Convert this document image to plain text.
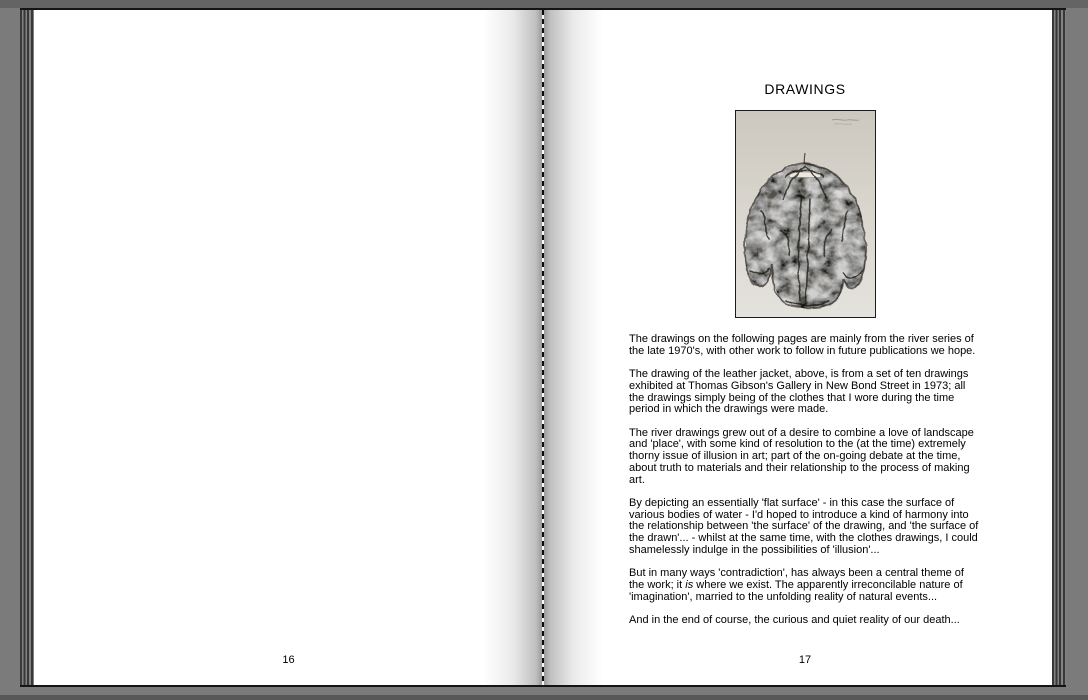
DRAWINGS

The drawings on the following pages are mainly from the river series of the late 1970's, with other work to follow in future publications we hope.

The drawing of the leather jacket, above, is from a set of ten drawings exhibited at Thomas Gibson's Gallery in New Bond Street in 1973; all the drawings simply being of the clothes that I wore during the time period in which the drawings were made.

The river drawings grew out of a desire to combine a love of landscape and 'place', with some kind of resolution to the (at the time) extremely thorny issue of illusion in art; part of the on-going debate at the time, about truth to materials and their relationship to the process of making art.

By depicting an essentially 'flat surface' - in this case the surface of various bodies of water - I'd hoped to introduce a kind of harmony into the relationship between 'the surface' of the drawing, and 'the surface of the drawn'... - whilst at the same time, with the clothes drawings, I could shamelessly indulge in the possibilities of 'illusion'...

But in many ways 'contradiction', has always been a central theme of the work; it is where we exist. The apparently irreconcilable nature of 'imagination', married to the unfolding reality of natural events...

And in the end of course, the curious and quiet reality of our death...

16	17
